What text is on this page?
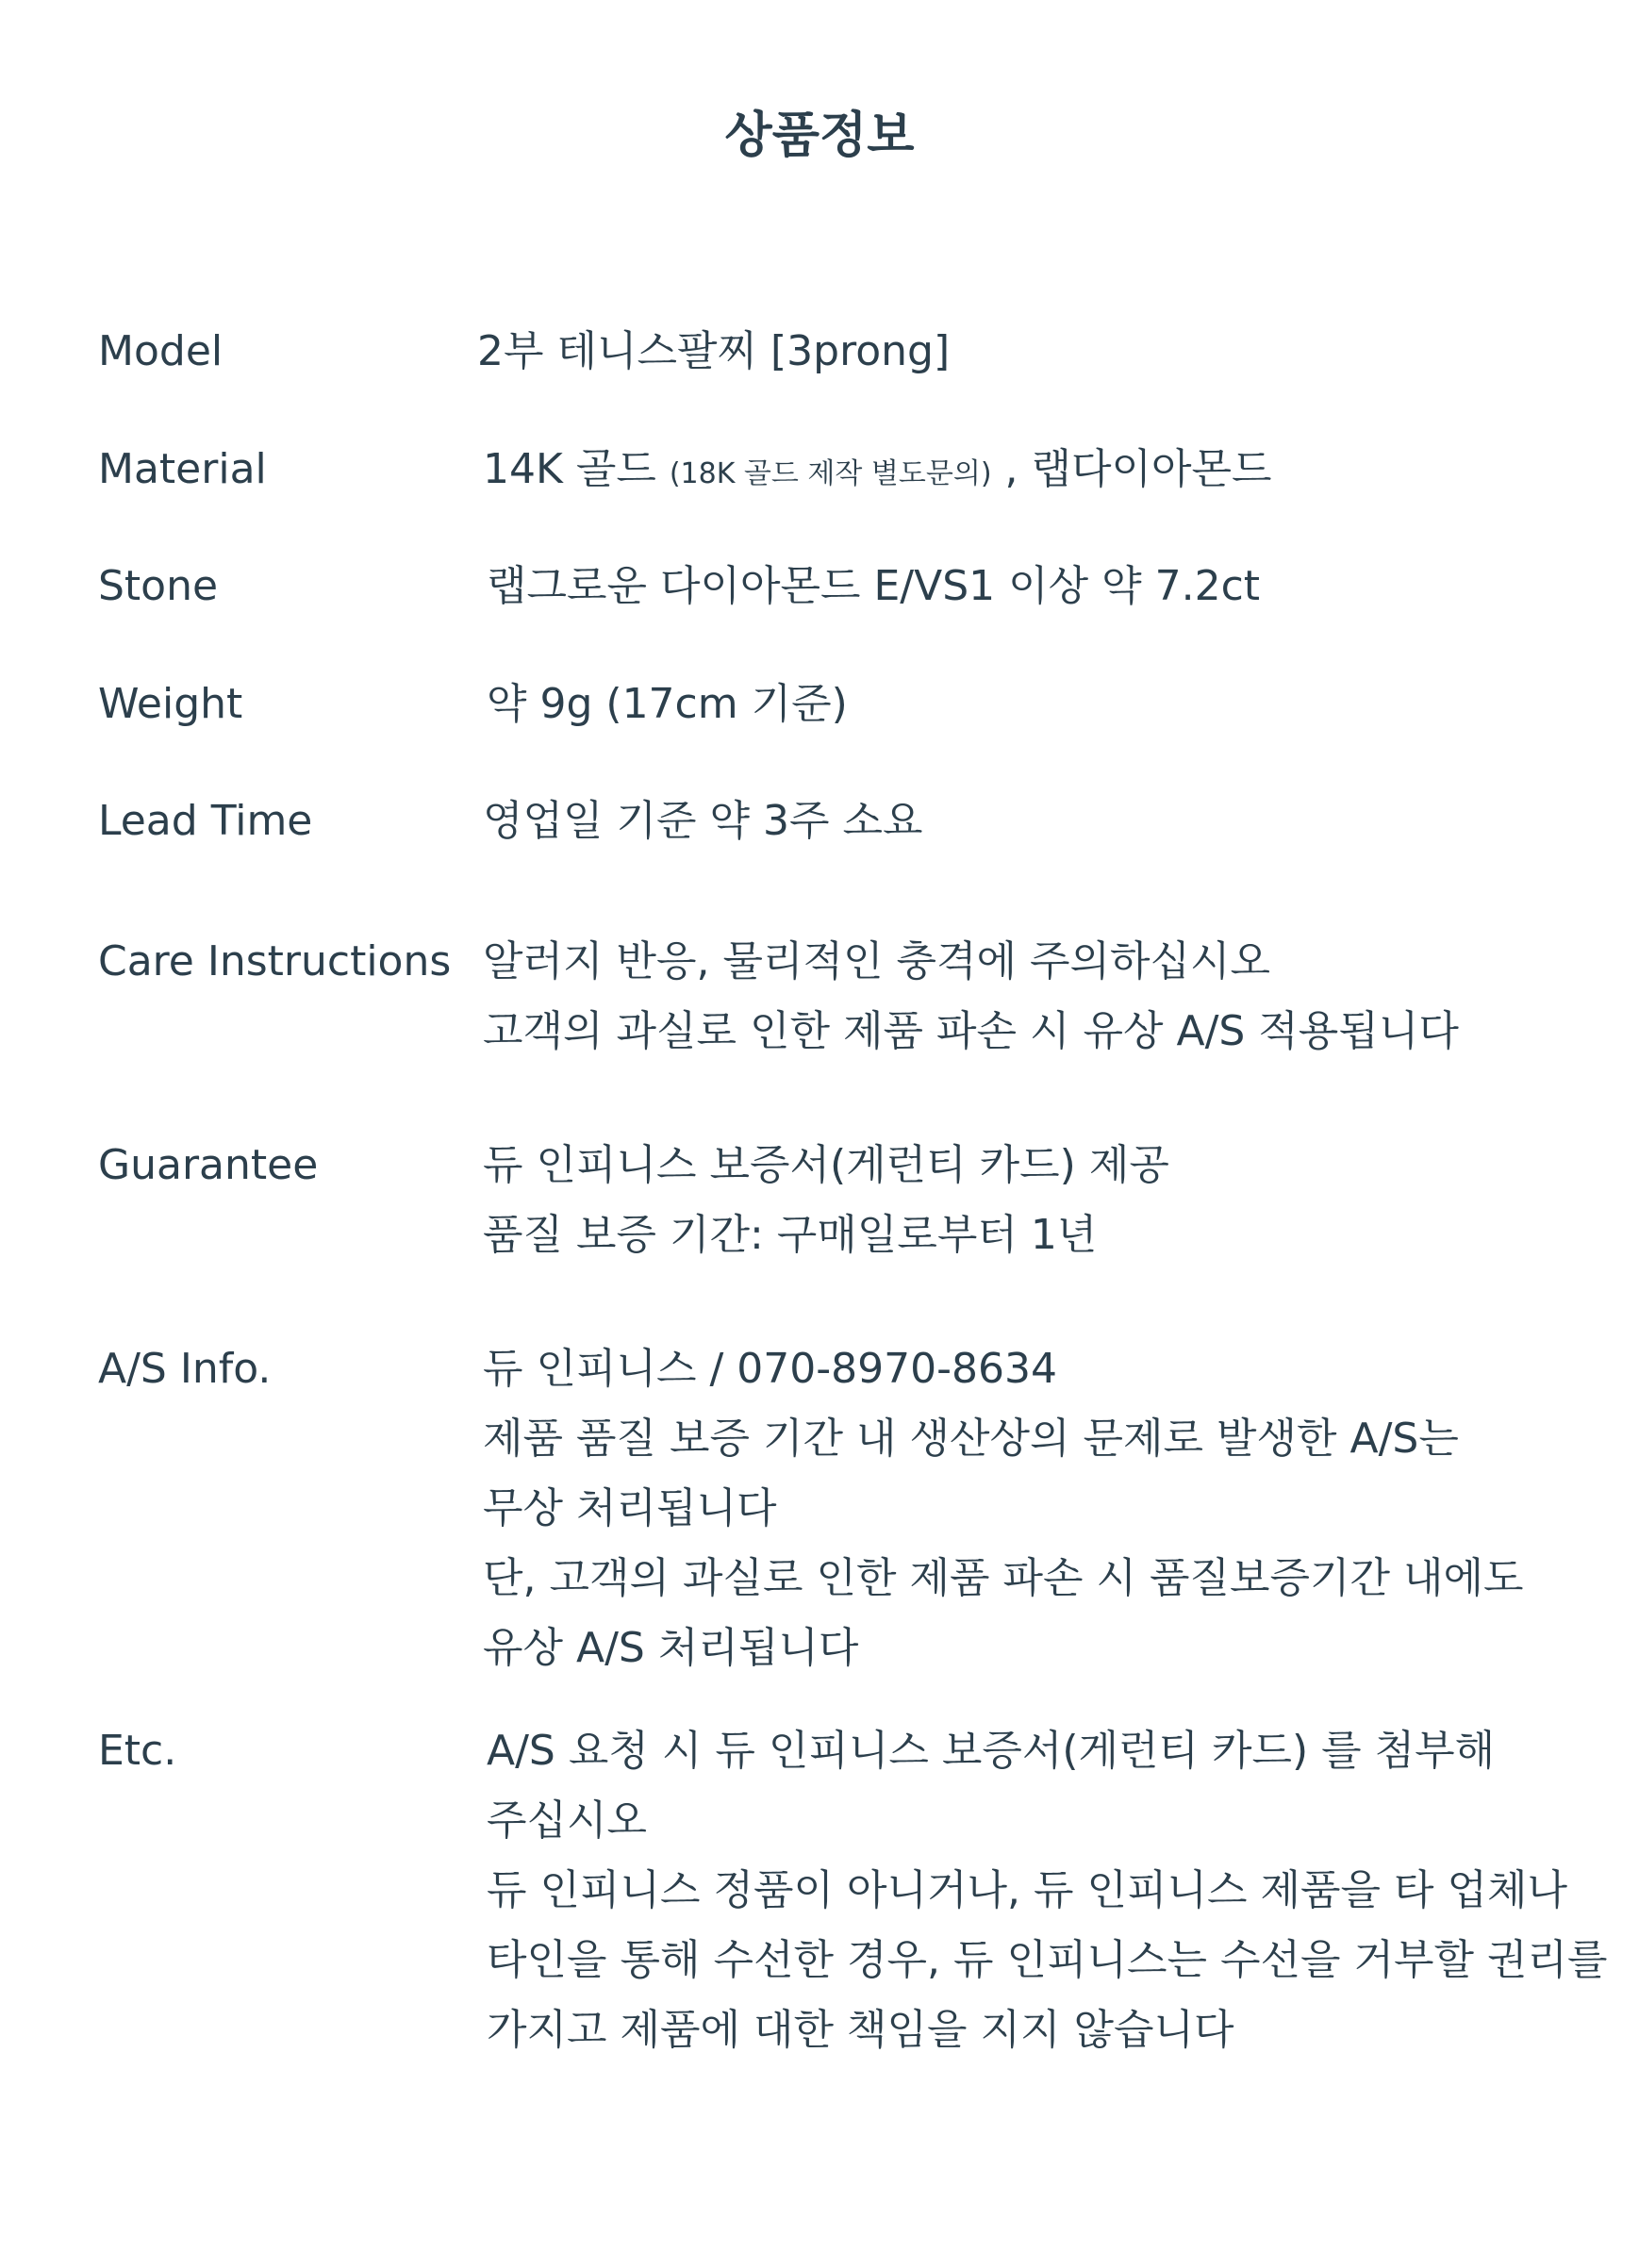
상품정보
Model	2부 테니스팔찌 [3prong]
Material	14K 골드 (18K 골드 제작 별도문의) , 랩다이아몬드
Stone	랩그로운 다이아몬드 E/VS1 이상 약 7.2ct
Weight	약 9g (17cm 기준)
Lead Time	영업일 기준 약 3주 소요
Care Instructions 알러지 반응, 물리적인 충격에 주의하십시오
고객의 과실로 인한 제품 파손 시 유상 A/S 적용됩니다
Guarantee	듀 인피니스 보증서(게런티 카드) 제공
품질 보증 기간: 구매일로부터 1년
A/S Info.	듀 인피니스 / 070-8970-8634
제품 품질 보증 기간 내 생산상의 문제로 발생한 A/S는
무상 처리됩니다
단, 고객의 과실로 인한 제품 파손 시 품질보증기간 내에도
유상 A/S 처리됩니다
Etc.	A/S 요청 시 듀 인피니스 보증서(게런티 카드) 를 첨부해
주십시오
듀 인피니스 정품이 아니거나, 듀 인피니스 제품을 타 업체나
타인을 통해 수선한 경우, 듀 인피니스는 수선을 거부할 권리를
가지고 제품에 대한 책임을 지지 않습니다
